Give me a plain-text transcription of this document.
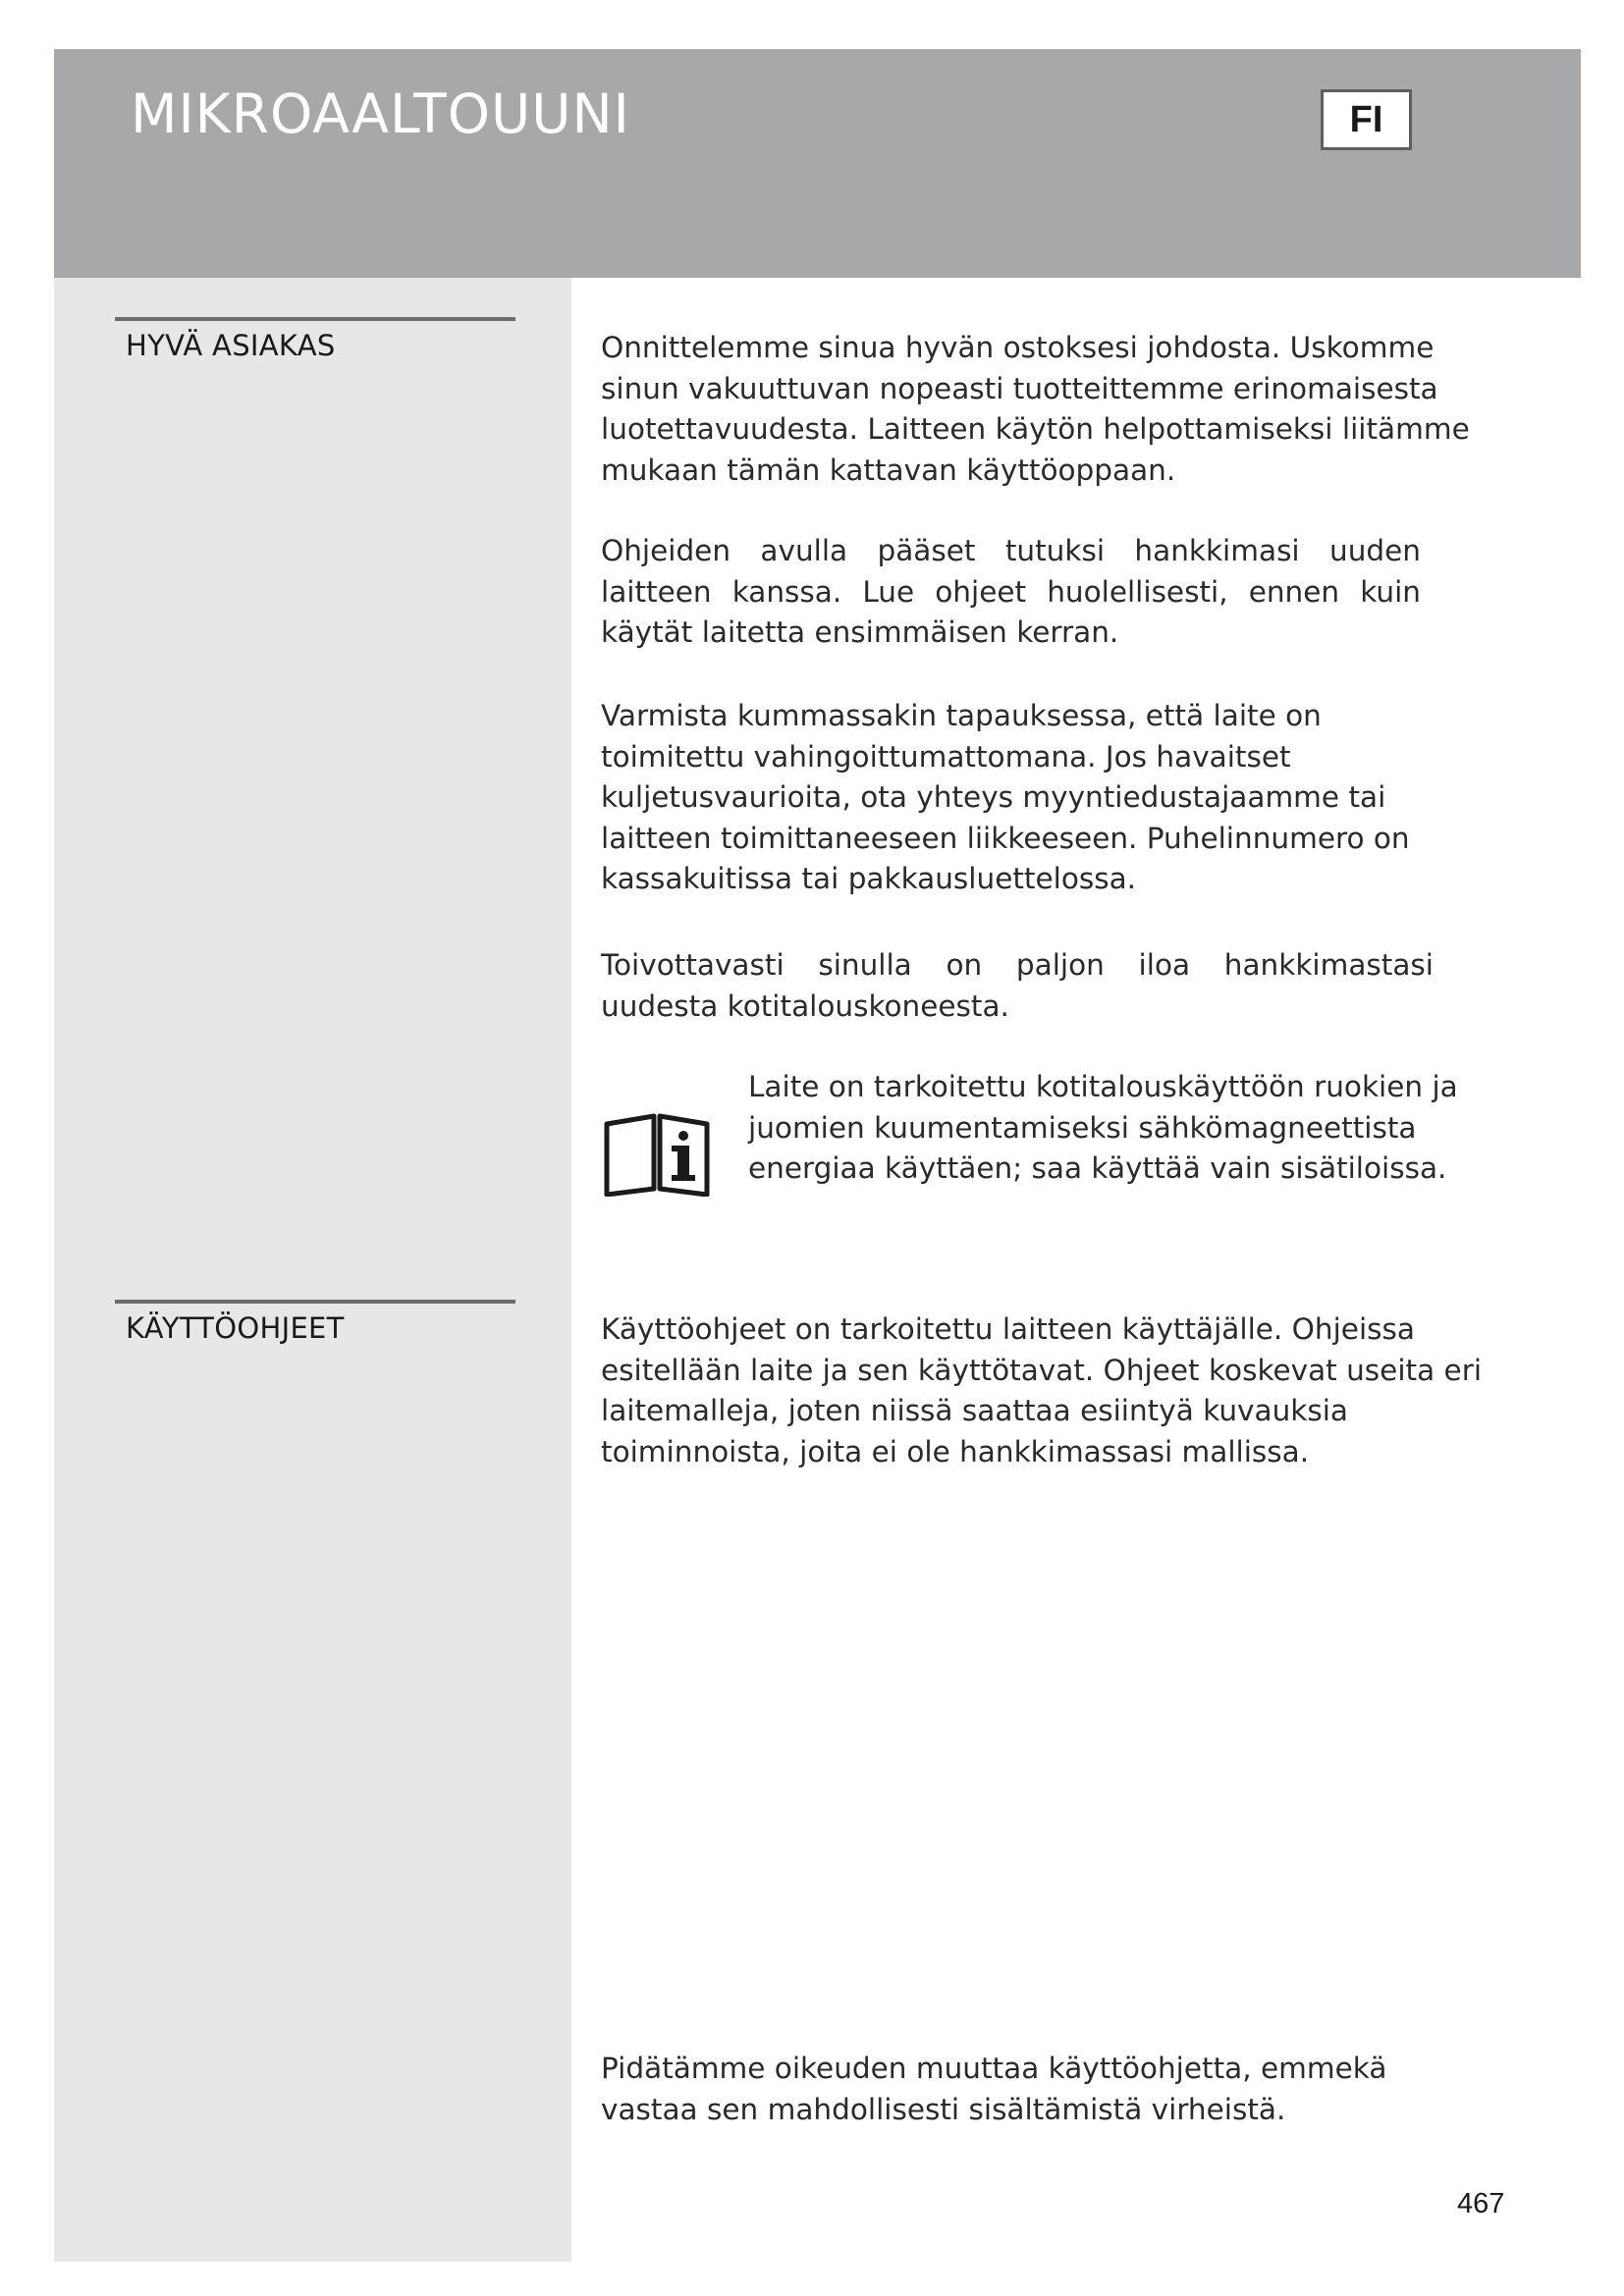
MIKROAALTOUUNI	FI
HYVÄ ASIAKAS	Onnittelemme sinua hyvän ostoksesi johdosta. Uskomme sinun vakuuttuvan nopeasti tuotteittemme erinomaisesta luotettavuudesta. Laitteen käytön helpottamiseksi liitämme mukaan tämän kattavan käyttöoppaan.

Ohjeiden avulla pääset tutuksi hankkimasi uuden laitteen kanssa. Lue ohjeet huolellisesti, ennen kuin käytät laitetta ensimmäisen kerran.

Varmista kummassakin tapauksessa, että laite on toimitettu vahingoittumattomana. Jos havaitset kuljetusvaurioita, ota yhteys myyntiedustajaamme tai laitteen toimittaneeseen liikkeeseen. Puhelinnumero on kassakuitissa tai pakkausluettelossa.

Toivottavasti sinulla on paljon iloa hankkimastasi uudesta kotitalouskoneesta.

Laite on tarkoitettu kotitalouskäyttöön ruokien ja juomien kuumentamiseksi sähkömagneettista energiaa käyttäen; saa käyttää vain sisätiloissa.

KÄYTTÖOHJEET	Käyttöohjeet on tarkoitettu laitteen käyttäjälle. Ohjeissa esitellään laite ja sen käyttötavat. Ohjeet koskevat useita eri laitemalleja, joten niissä saattaa esiintyä kuvauksia toiminnoista, joita ei ole hankkimassasi mallissa.

Pidätämme oikeuden muuttaa käyttöohjetta, emmekä vastaa sen mahdollisesti sisältämistä virheistä.

467
